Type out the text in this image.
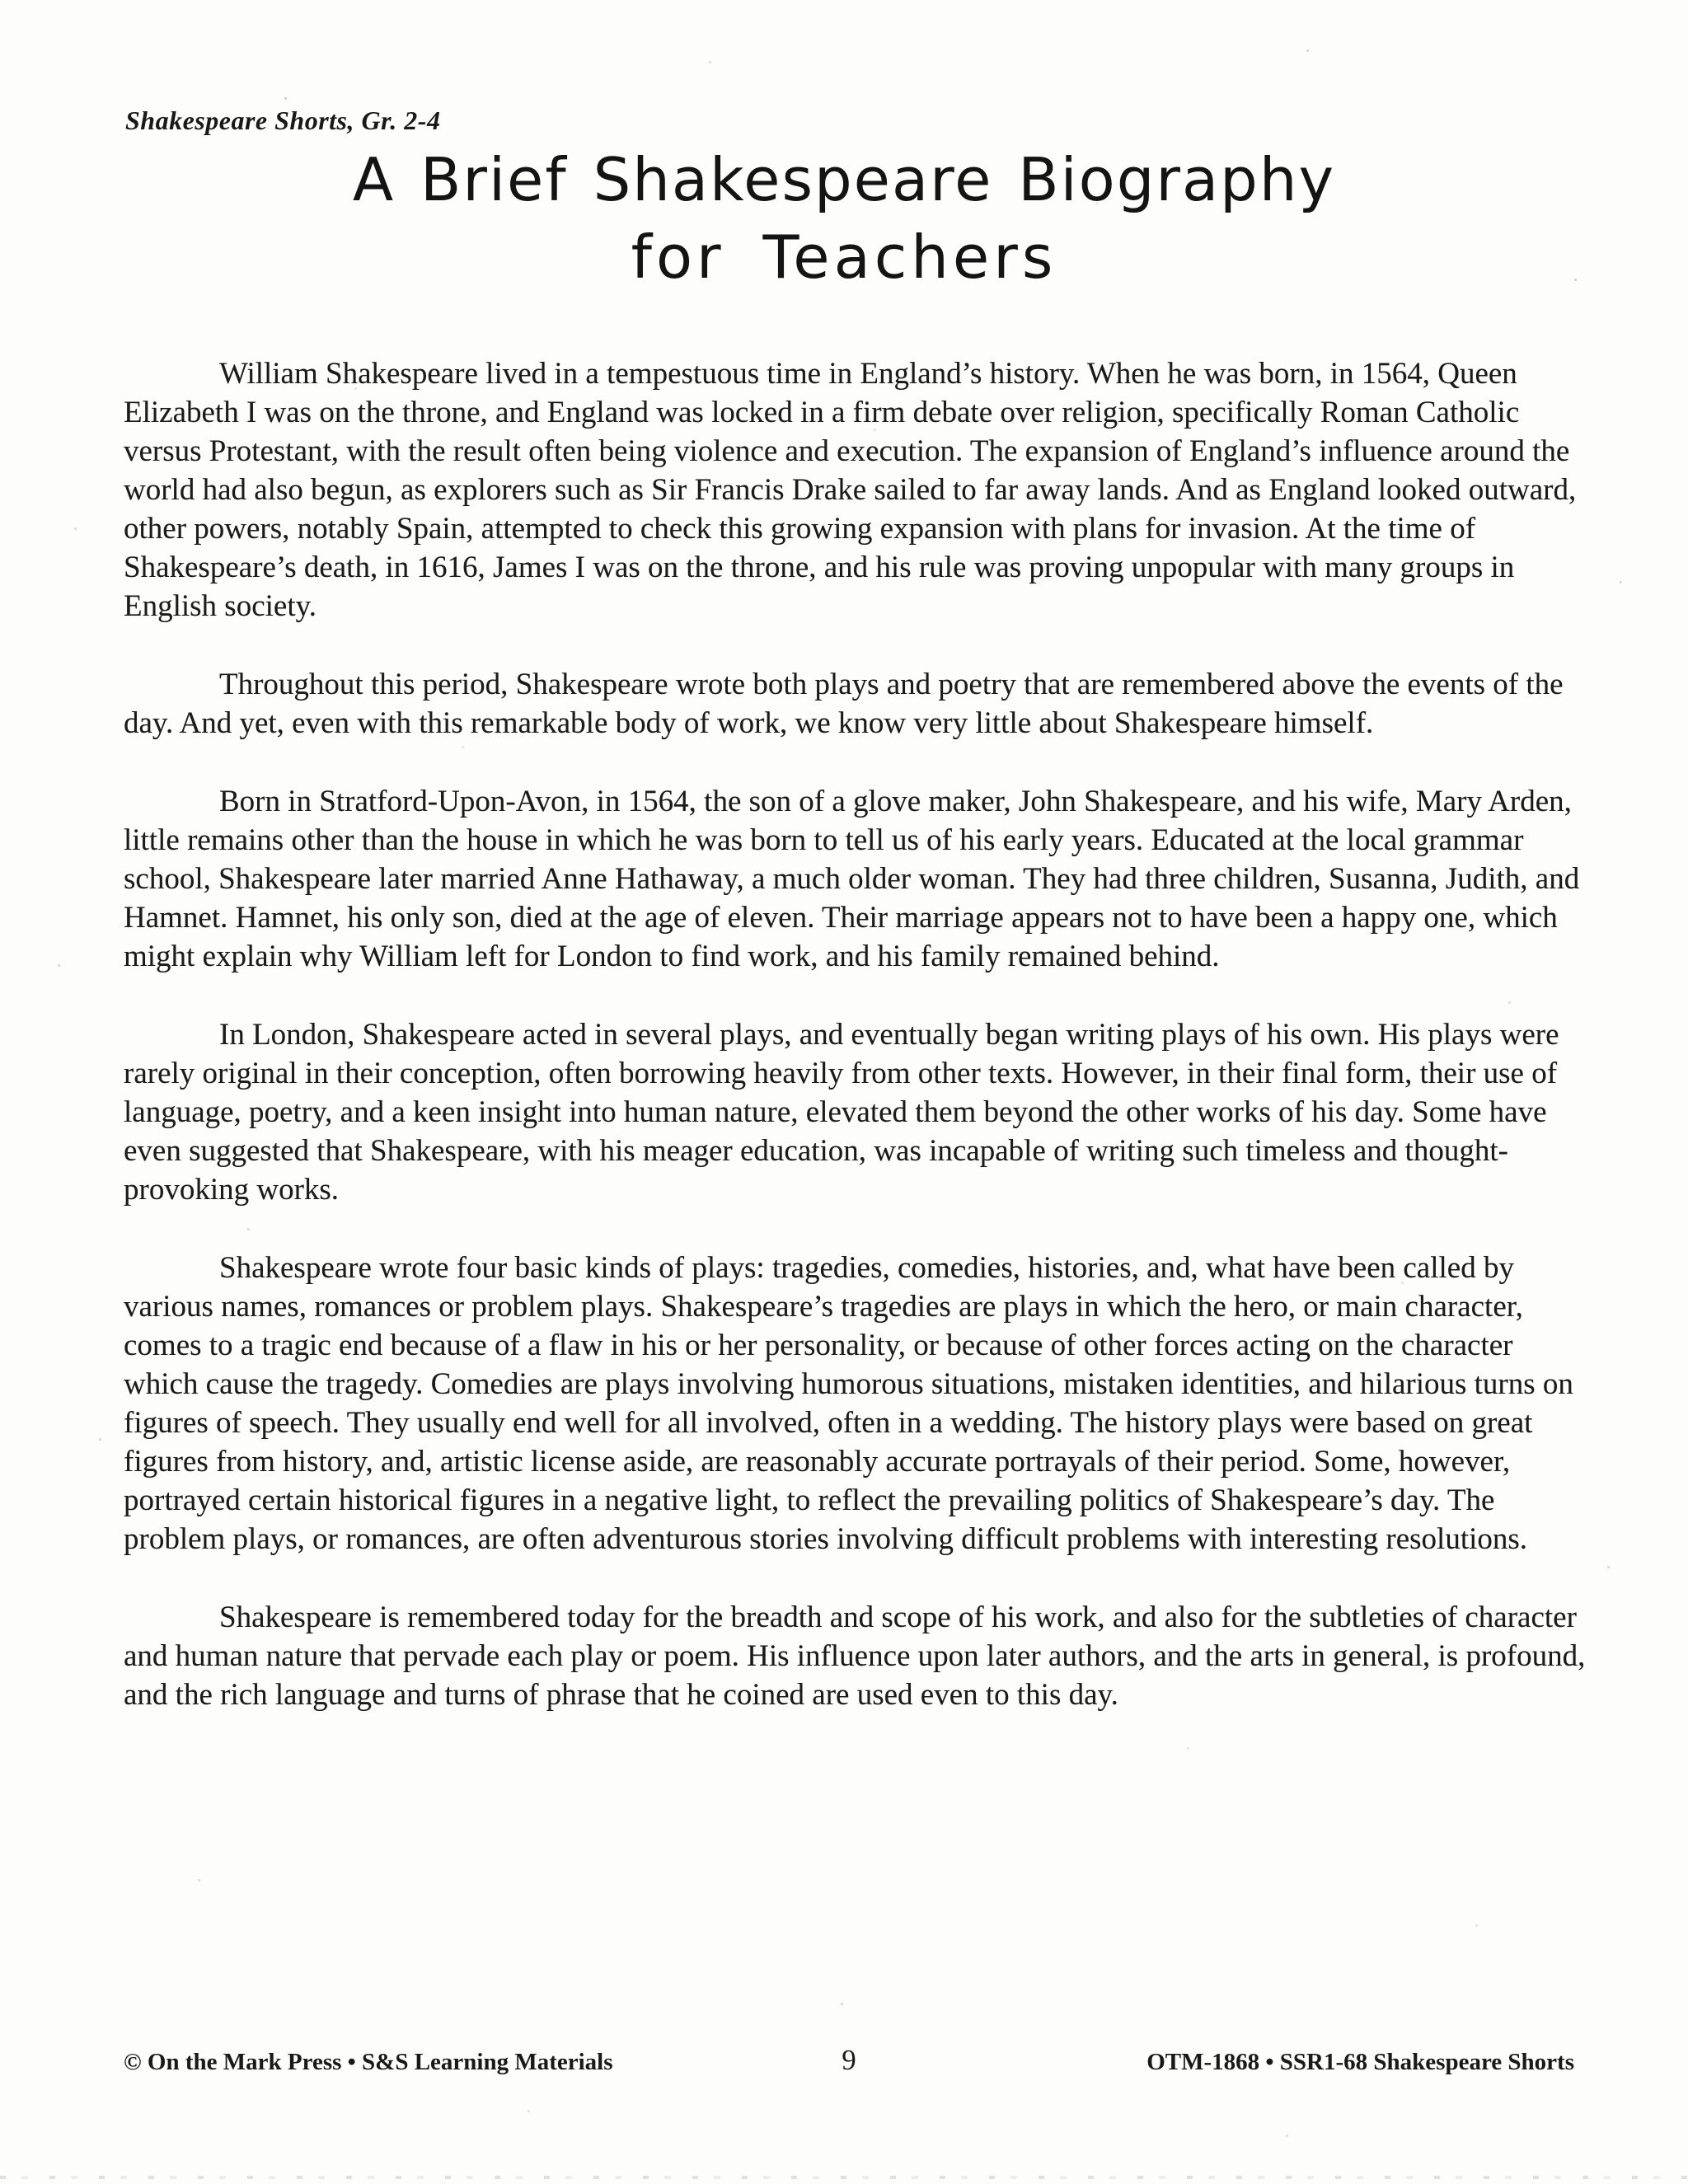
Shakespeare Shorts, Gr. 2-4
A Brief Shakespeare Biography
for Teachers

William Shakespeare lived in a tempestuous time in England’s history. When he was born, in 1564, Queen Elizabeth I was on the throne, and England was locked in a firm debate over religion, specifically Roman Catholic versus Protestant, with the result often being violence and execution. The expansion of England’s influence around the world had also begun, as explorers such as Sir Francis Drake sailed to far away lands. And as England looked outward, other powers, notably Spain, attempted to check this growing expansion with plans for invasion. At the time of Shakespeare’s death, in 1616, James I was on the throne, and his rule was proving unpopular with many groups in English society.

Throughout this period, Shakespeare wrote both plays and poetry that are remembered above the events of the day. And yet, even with this remarkable body of work, we know very little about Shakespeare himself.

Born in Stratford-Upon-Avon, in 1564, the son of a glove maker, John Shakespeare, and his wife, Mary Arden, little remains other than the house in which he was born to tell us of his early years. Educated at the local grammar school, Shakespeare later married Anne Hathaway, a much older woman. They had three children, Susanna, Judith, and Hamnet. Hamnet, his only son, died at the age of eleven. Their marriage appears not to have been a happy one, which might explain why William left for London to find work, and his family remained behind.

In London, Shakespeare acted in several plays, and eventually began writing plays of his own. His plays were rarely original in their conception, often borrowing heavily from other texts. However, in their final form, their use of language, poetry, and a keen insight into human nature, elevated them beyond the other works of his day. Some have even suggested that Shakespeare, with his meager education, was incapable of writing such timeless and thought-provoking works.

Shakespeare wrote four basic kinds of plays: tragedies, comedies, histories, and, what have been called by various names, romances or problem plays. Shakespeare’s tragedies are plays in which the hero, or main character, comes to a tragic end because of a flaw in his or her personality, or because of other forces acting on the character which cause the tragedy. Comedies are plays involving humorous situations, mistaken identities, and hilarious turns on figures of speech. They usually end well for all involved, often in a wedding. The history plays were based on great figures from history, and, artistic license aside, are reasonably accurate portrayals of their period. Some, however, portrayed certain historical figures in a negative light, to reflect the prevailing politics of Shakespeare’s day. The problem plays, or romances, are often adventurous stories involving difficult problems with interesting resolutions.

Shakespeare is remembered today for the breadth and scope of his work, and also for the subtleties of character and human nature that pervade each play or poem. His influence upon later authors, and the arts in general, is profound, and the rich language and turns of phrase that he coined are used even to this day.

© On the Mark Press • S&S Learning Materials	9	OTM-1868 • SSR1-68 Shakespeare Shorts
